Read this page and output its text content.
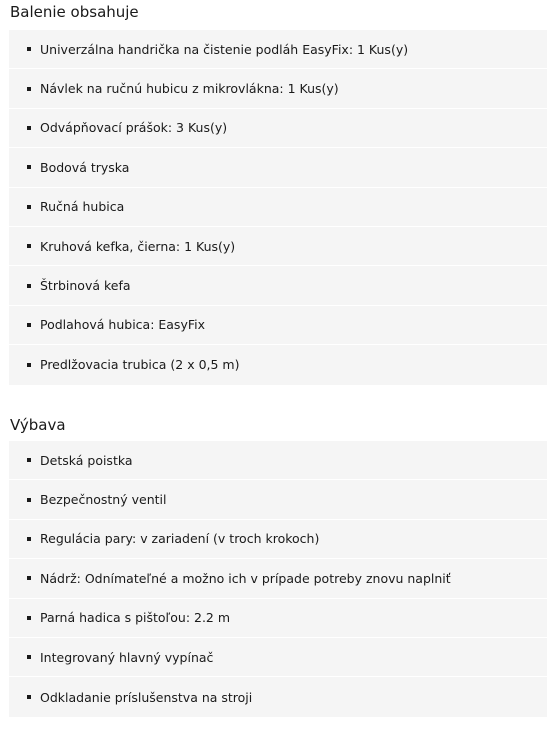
Balenie obsahuje
Univerzálna handrička na čistenie podláh EasyFix: 1 Kus(y)
Návlek na ručnú hubicu z mikrovlákna: 1 Kus(y)
Odvápňovací prášok: 3 Kus(y)
Bodová tryska
Ručná hubica
Kruhová kefka, čierna: 1 Kus(y)
Štrbinová kefa
Podlahová hubica: EasyFix
Predlžovacia trubica (2 x 0,5 m)
Výbava
Detská poistka
Bezpečnostný ventil
Regulácia pary: v zariadení (v troch krokoch)
Nádrž: Odnímateľné a možno ich v prípade potreby znovu naplniť
Parná hadica s pištoľou: 2.2 m
Integrovaný hlavný vypínač
Odkladanie príslušenstva na stroji
